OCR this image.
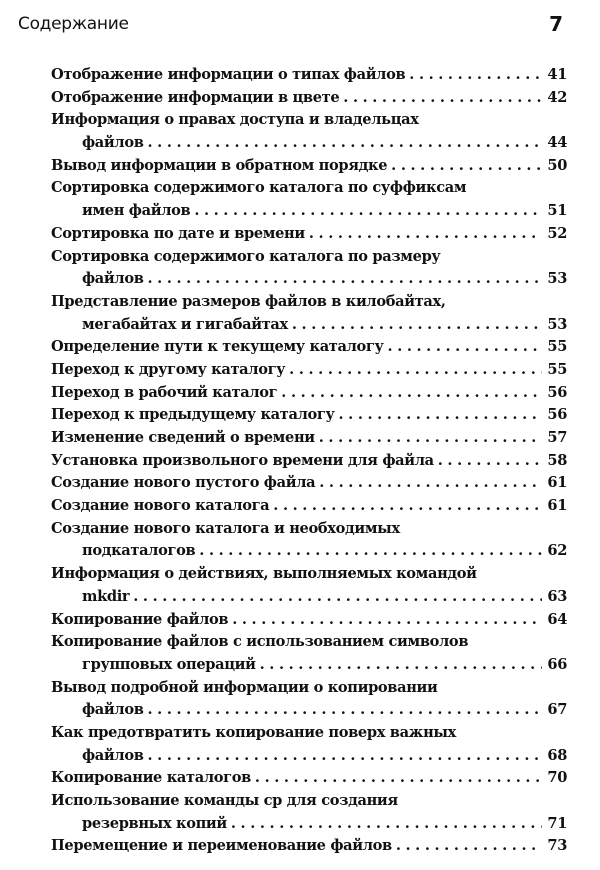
Содержание	7
Отображение информации о типах файлов . . .	41
Отображение информации в цвете . . .	42
Информация о правах доступа и владельцах
файлов . . .	44
Вывод информации в обратном порядке . . .	50
Сортировка содержимого каталога по суффиксам
имен файлов . . .	51
Сортировка по дате и времени . . .	52
Сортировка содержимого каталога по размеру
файлов . . .	53
Представление размеров файлов в килобайтах,
мегабайтах и гигабайтах . . .	53
Определение пути к текущему каталогу . . .	55
Переход к другому каталогу . . .	55
Переход в рабочий каталог . . .	56
Переход к предыдущему каталогу . . .	56
Изменение сведений о времени . . .	57
Установка произвольного времени для файла . . .	58
Создание нового пустого файла . . .	61
Создание нового каталога . . .	61
Создание нового каталога и необходимых
подкаталогов . . .	62
Информация о действиях, выполняемых командой
mkdir . . .	63
Копирование файлов . . .	64
Копирование файлов с использованием символов
групповых операций . . .	66
Вывод подробной информации о копировании
файлов . . .	67
Как предотвратить копирование поверх важных
файлов . . .	68
Копирование каталогов . . .	70
Использование команды cp для создания
резервных копий . . .	71
Перемещение и переименование файлов . . .	73
